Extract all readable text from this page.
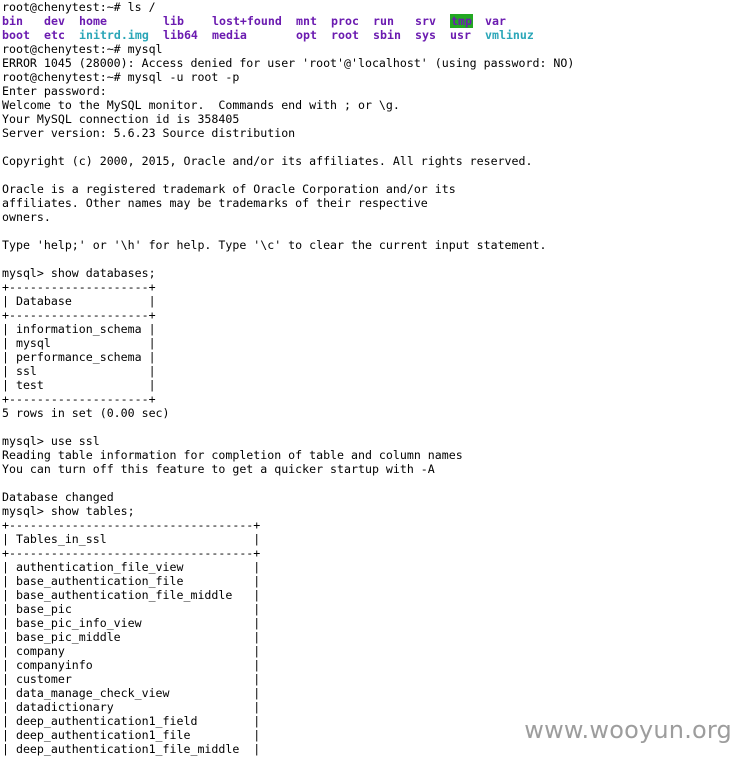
root@chenytest:~# ls /
bin dev home	lib lost+found mnt proc run srv tmp var
boot etc initrd.img lib64 media	opt root sbin sys usr vmlinuz
root@chenytest:~# mysql
ERROR 1045 (28000): Access denied for user 'root'@'localhost' (using password: NO)
root@chenytest:~# mysql -u root -p
Enter password:
Welcome to the MySQL monitor.  Commands end with ; or \g.
Your MySQL connection id is 358405
Server version: 5.6.23 Source distribution
Copyright (c) 2000, 2015, Oracle and/or its affiliates. All rights reserved.
Oracle is a registered trademark of Oracle Corporation and/or its
affiliates. Other names may be trademarks of their respective
owners.
Type 'help;' or '\h' for help. Type '\c' to clear the current input statement.
mysql> show databases;
+--------------------+
| Database           |
+--------------------+
| information_schema |
| mysql              |
| performance_schema |
| ssl                |
| test               |
+--------------------+
5 rows in set (0.00 sec)
mysql> use ssl
Reading table information for completion of table and column names
You can turn off this feature to get a quicker startup with -A
Database changed
mysql> show tables;
+-----------------------------------+
| Tables_in_ssl                     |
+-----------------------------------+
| authentication_file_view          |
| base_authentication_file          |
| base_authentication_file_middle   |
| base_pic                          |
| base_pic_info_view                |
| base_pic_middle                   |
| company                           |
| companyinfo                       |
| customer                          |
| data_manage_check_view            |
| datadictionary                    |
| deep_authentication1_field        |
| deep_authentication1_file         |
| deep_authentication1_file_middle  |
www.wooyun.org
